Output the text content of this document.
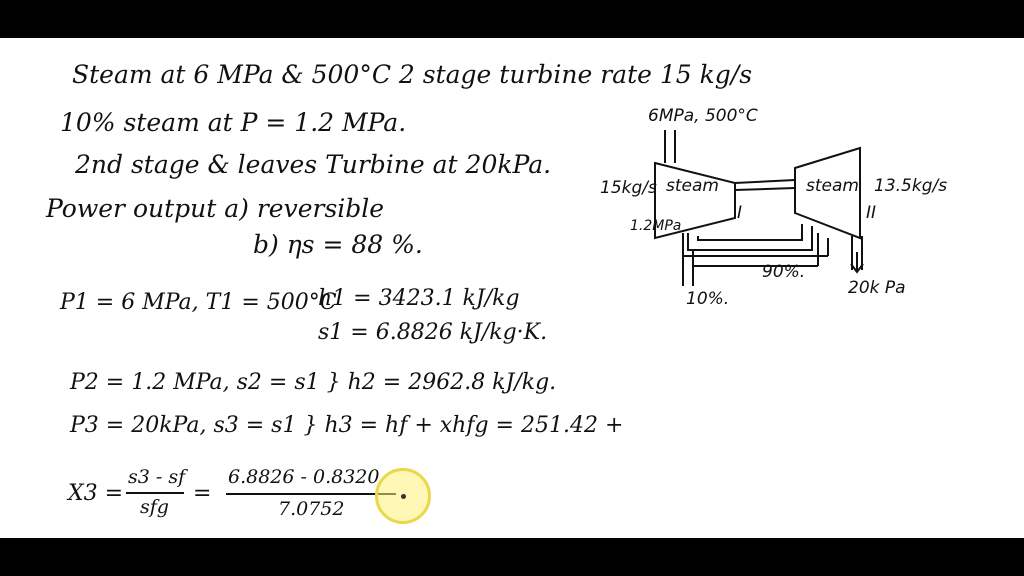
Steam at 6 MPa & 500°C 2 stage turbine rate 15 kg/s
10% steam at P = 1.2 MPa.
2nd stage & leaves Turbine at 20kPa.
Power output a) reversible
b) ηs = 88 %.
P1 = 6 MPa, T1 = 500°C
h1 = 3423.1 kJ/kg
s1 = 6.8826 kJ/kg·K.
P2 = 1.2 MPa, s2 = s1 } h2 = 2962.8 kJ/kg.
P3 = 20kPa, s3 = s1 } h3 = hf + xhfg = 251.42 +
X3 =
s3 - sf
sfg
=
6.8826 - 0.8320
7.0752
6MPa, 500°C
15kg/s
1.2MPa
steam
I
steam
II
13.5kg/s
90%.
10%.
20k Pa
